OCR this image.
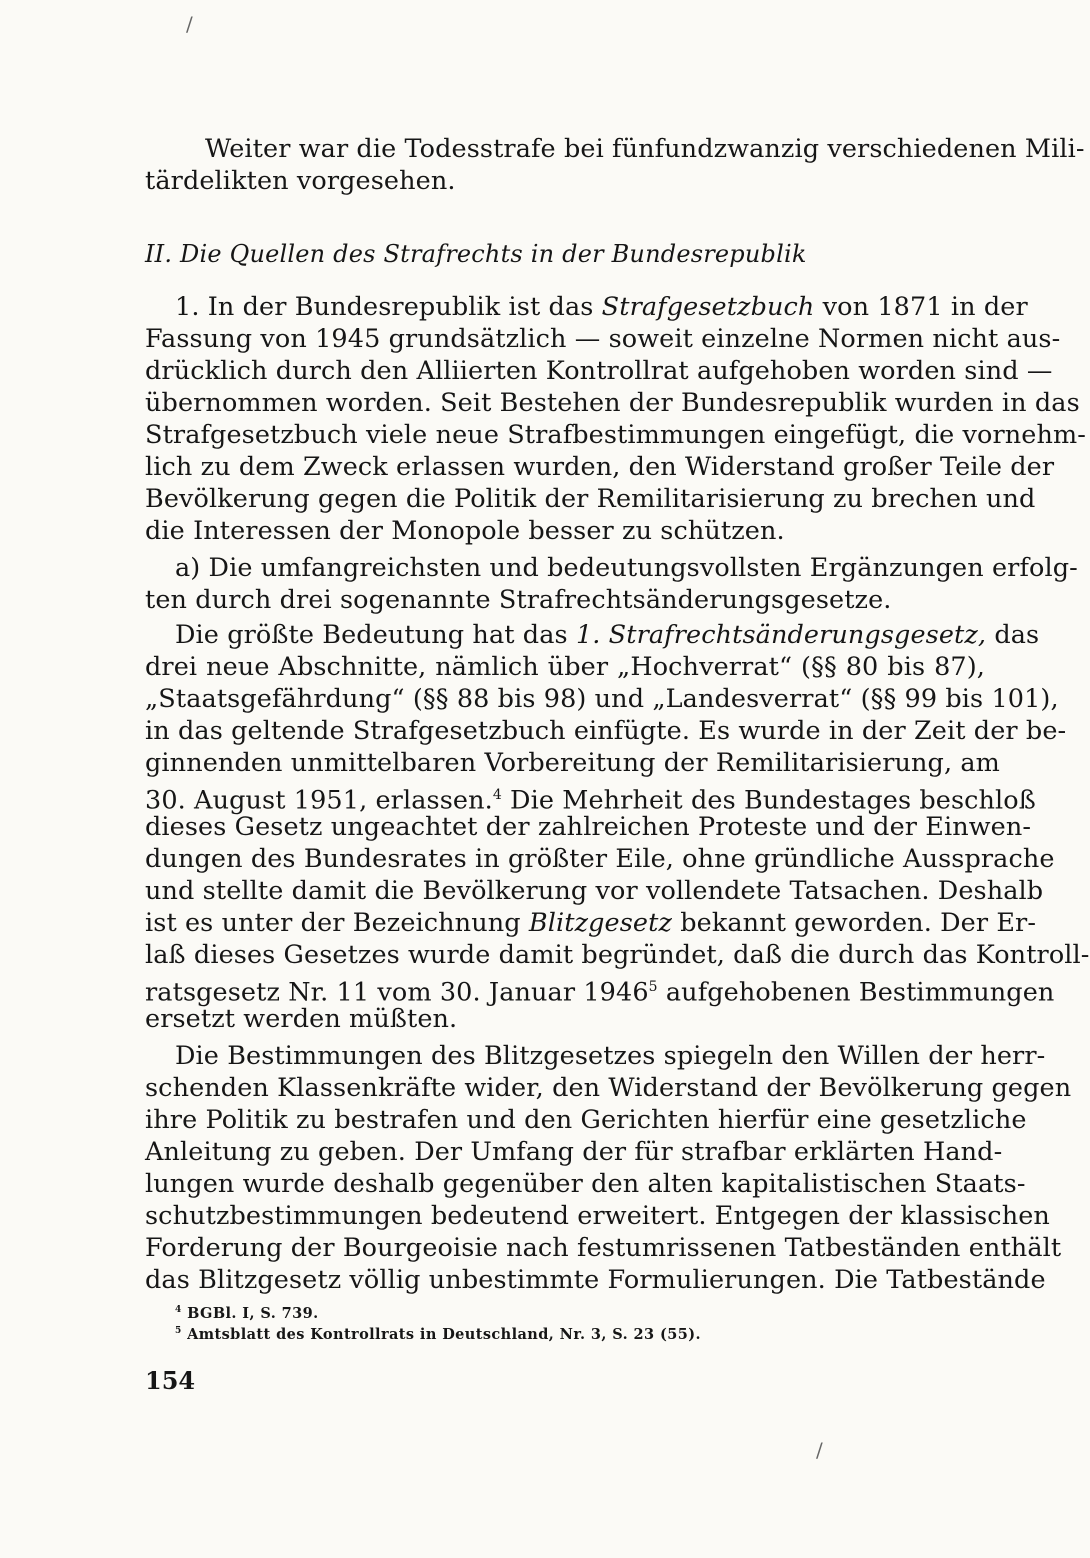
/
Weiter war die Todesstrafe bei fünfundzwanzig verschiedenen Mili-
tärdelikten vorgesehen.
II. Die Quellen des Strafrechts in der Bundesrepublik
1. In der Bundesrepublik ist das Strafgesetzbuch von 1871 in der
Fassung von 1945 grundsätzlich — soweit einzelne Normen nicht aus-
drücklich durch den Alliierten Kontrollrat aufgehoben worden sind —
übernommen worden. Seit Bestehen der Bundesrepublik wurden in das
Strafgesetzbuch viele neue Strafbestimmungen eingefügt, die vornehm-
lich zu dem Zweck erlassen wurden, den Widerstand großer Teile der
Bevölkerung gegen die Politik der Remilitarisierung zu brechen und
die Interessen der Monopole besser zu schützen.
a) Die umfangreichsten und bedeutungsvollsten Ergänzungen erfolg-
ten durch drei sogenannte Strafrechtsänderungsgesetze.
Die größte Bedeutung hat das 1. Strafrechtsänderungsgesetz, das
drei neue Abschnitte, nämlich über „Hochverrat“ (§§ 80 bis 87),
„Staatsgefährdung“ (§§ 88 bis 98) und „Landesverrat“ (§§ 99 bis 101),
in das geltende Strafgesetzbuch einfügte. Es wurde in der Zeit der be-
ginnenden unmittelbaren Vorbereitung der Remilitarisierung, am
30. August 1951, erlassen.$^4$ Die Mehrheit des Bundestages beschloß
dieses Gesetz ungeachtet der zahlreichen Proteste und der Einwen-
dungen des Bundesrates in größter Eile, ohne gründliche Aussprache
und stellte damit die Bevölkerung vor vollendete Tatsachen. Deshalb
ist es unter der Bezeichnung Blitzgesetz bekannt geworden. Der Er-
laß dieses Gesetzes wurde damit begründet, daß die durch das Kontroll-
ratsgesetz Nr. 11 vom 30. Januar 1946$^5$ aufgehobenen Bestimmungen
ersetzt werden müßten.
Die Bestimmungen des Blitzgesetzes spiegeln den Willen der herr-
schenden Klassenkräfte wider, den Widerstand der Bevölkerung gegen
ihre Politik zu bestrafen und den Gerichten hierfür eine gesetzliche
Anleitung zu geben. Der Umfang der für strafbar erklärten Hand-
lungen wurde deshalb gegenüber den alten kapitalistischen Staats-
schutzbestimmungen bedeutend erweitert. Entgegen der klassischen
Forderung der Bourgeoisie nach festumrissenen Tatbeständen enthält
das Blitzgesetz völlig unbestimmte Formulierungen. Die Tatbestände
$^4$ BGBl. I, S. 739.
$^5$ Amtsblatt des Kontrollrats in Deutschland, Nr. 3, S. 23 (55).
154
/
